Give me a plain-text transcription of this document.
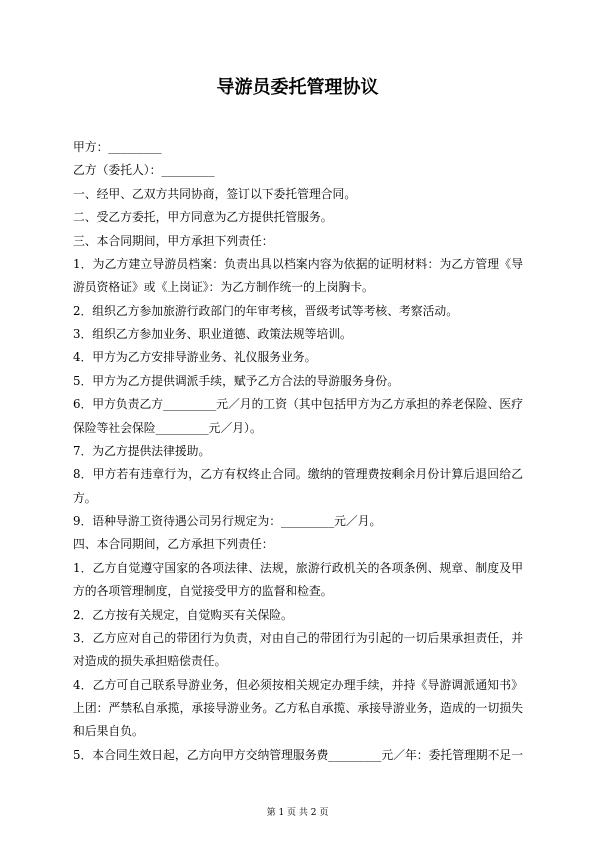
导游员委托管理协议
甲方：_________
乙方（委托人）：_________
一、经甲、乙双方共同协商，签订以下委托管理合同。
二、受乙方委托，甲方同意为乙方提供托管服务。
三、本合同期间，甲方承担下列责任：
1．为乙方建立导游员档案：负责出具以档案内容为依据的证明材料：为乙方管理《导
游员资格证》或《上岗证》：为乙方制作统一的上岗胸卡。
2．组织乙方参加旅游行政部门的年审考核，晋级考试等考核、考察活动。
3．组织乙方参加业务、职业道德、政策法规等培训。
4．甲方为乙方安排导游业务、礼仪服务业务。
5．甲方为乙方提供调派手续，赋予乙方合法的导游服务身份。
6．甲方负责乙方_________元／月的工资（其中包括甲方为乙方承担的养老保险、医疗
保险等社会保险_________元／月）。
7．为乙方提供法律援助。
8．甲方若有违章行为，乙方有权终止合同。缴纳的管理费按剩余月份计算后退回给乙
方。
9．语种导游工资待遇公司另行规定为：_________元／月。
四、本合同期间，乙方承担下列责任：
1．乙方自觉遵守国家的各项法律、法规，旅游行政机关的各项条例、规章、制度及甲
方的各项管理制度，自觉接受甲方的监督和检查。
2．乙方按有关规定，自觉购买有关保险。
3．乙方应对自己的带团行为负责，对由自己的带团行为引起的一切后果承担责任，并
对造成的损失承担赔偿责任。
4．乙方可自己联系导游业务，但必须按相关规定办理手续，并持《导游调派通知书》
上团：严禁私自承揽，承接导游业务。乙方私自承揽、承接导游业务，造成的一切损失
和后果自负。
5．本合同生效日起，乙方向甲方交纳管理服务费_________元／年：委托管理期不足一
第 1 页 共 2 页
